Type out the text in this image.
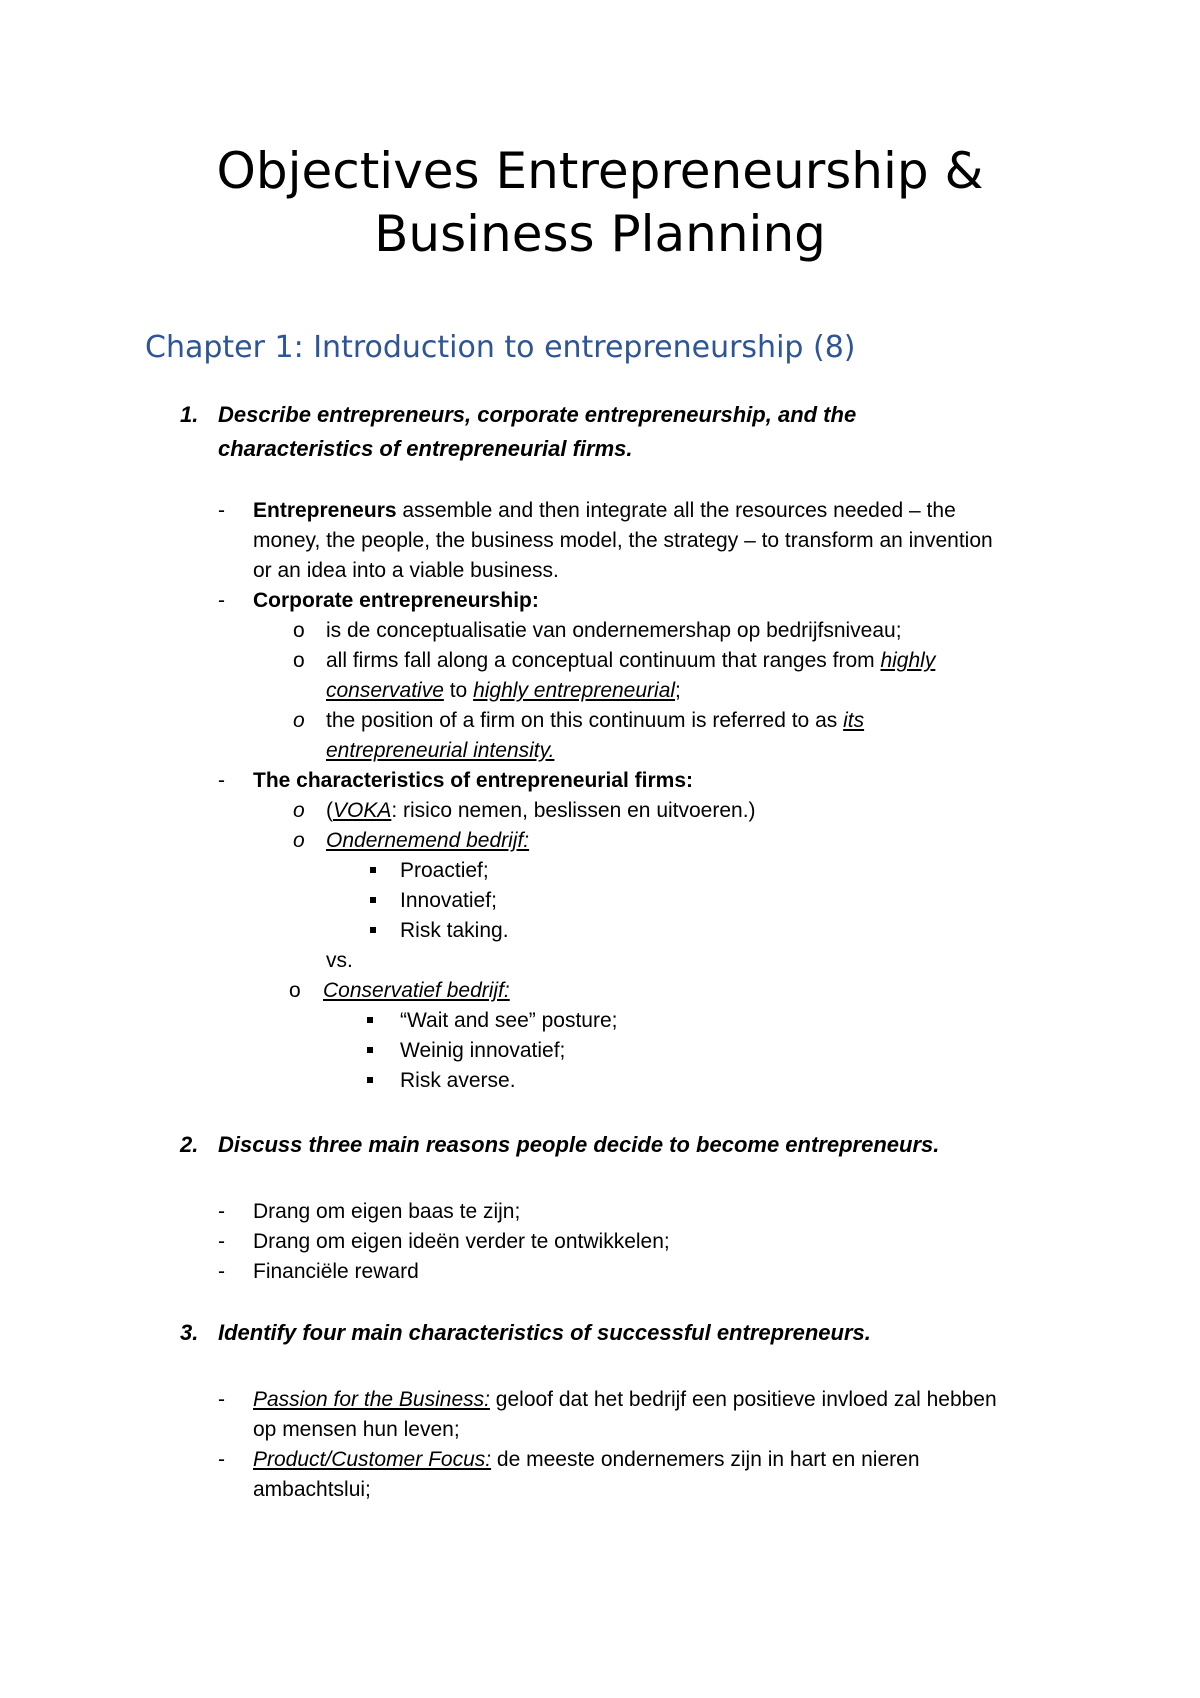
Objectives Entrepreneurship &
Business Planning
Chapter 1: Introduction to entrepreneurship (8)
1. Describe entrepreneurs, corporate entrepreneurship, and the characteristics of entrepreneurial firms.
- Entrepreneurs assemble and then integrate all the resources needed – the
money, the people, the business model, the strategy – to transform an invention
or an idea into a viable business.
- Corporate entrepreneurship:
o is de conceptualisatie van ondernemershap op bedrijfsniveau;
o all firms fall along a conceptual continuum that ranges from highly
conservative to highly entrepreneurial;
o the position of a firm on this continuum is referred to as its
entrepreneurial intensity.
- The characteristics of entrepreneurial firms:
o (VOKA: risico nemen, beslissen en uitvoeren.)
o Ondernemend bedrijf:
Proactief;
Innovatief;
Risk taking.
vs.
o Conservatief bedrijf:
“Wait and see” posture;
Weinig innovatief;
Risk averse.
2. Discuss three main reasons people decide to become entrepreneurs.
- Drang om eigen baas te zijn;
- Drang om eigen ideën verder te ontwikkelen;
- Financiële reward
3. Identify four main characteristics of successful entrepreneurs.
- Passion for the Business: geloof dat het bedrijf een positieve invloed zal hebben
op mensen hun leven;
- Product/Customer Focus: de meeste ondernemers zijn in hart en nieren
ambachtslui;
